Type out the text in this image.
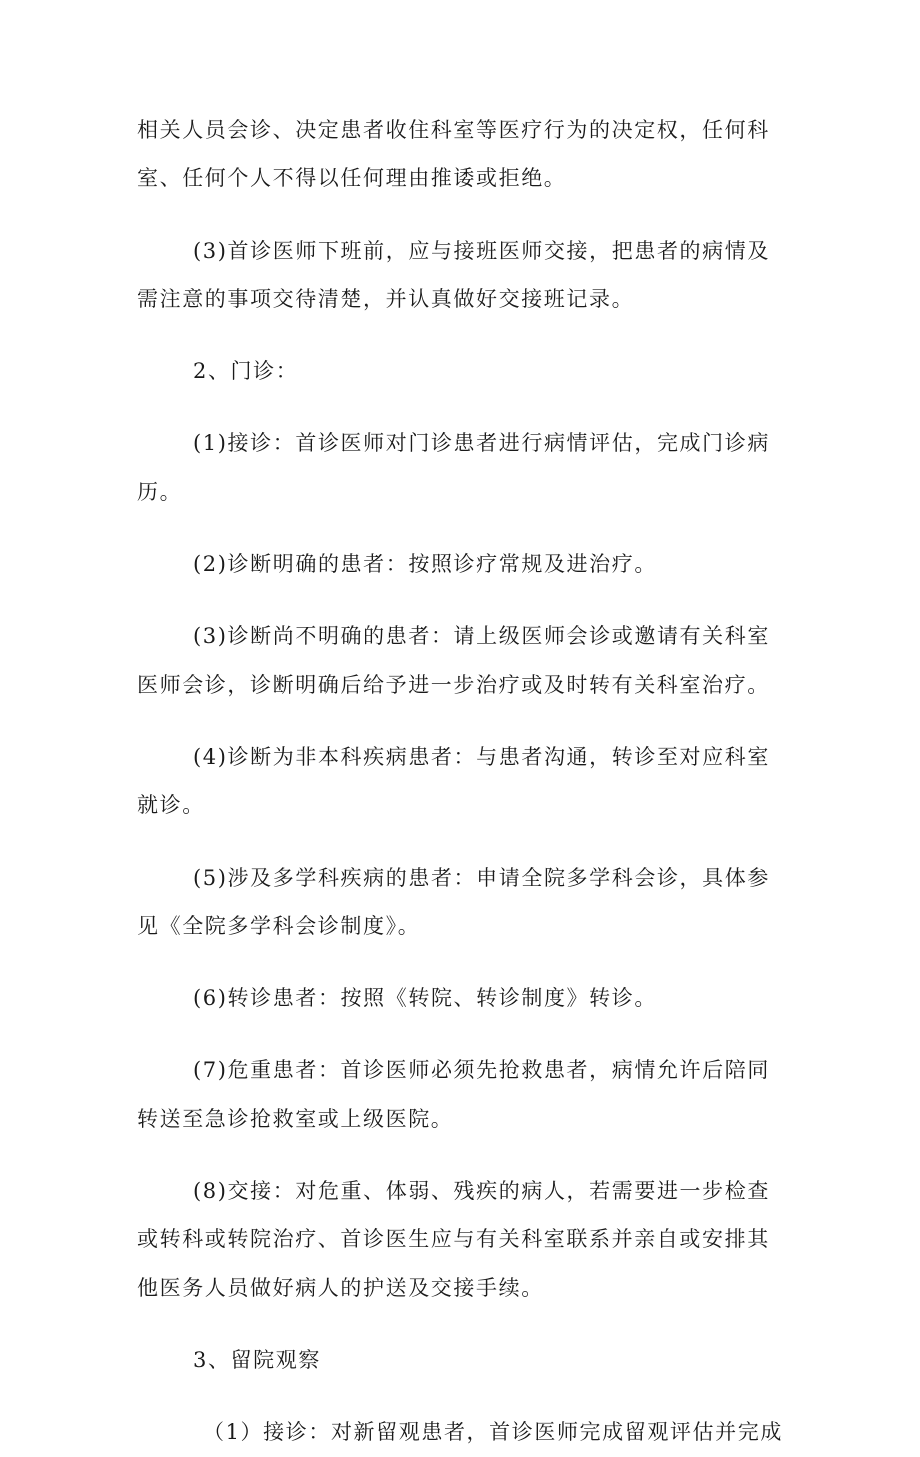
相关人员会诊、决定患者收住科室等医疗行为的决定权，任何科
室、任何个人不得以任何理由推诿或拒绝。
(3)首诊医师下班前，应与接班医师交接，把患者的病情及
需注意的事项交待清楚，并认真做好交接班记录。
2、门诊：
(1)接诊：首诊医师对门诊患者进行病情评估，完成门诊病
历。
(2)诊断明确的患者：按照诊疗常规及进治疗。
(3)诊断尚不明确的患者：请上级医师会诊或邀请有关科室
医师会诊，诊断明确后给予进一步治疗或及时转有关科室治疗。
(4)诊断为非本科疾病患者：与患者沟通，转诊至对应科室
就诊。
(5)涉及多学科疾病的患者：申请全院多学科会诊，具体参
见《全院多学科会诊制度》。
(6)转诊患者：按照《转院、转诊制度》转诊。
(7)危重患者：首诊医师必须先抢救患者，病情允许后陪同
转送至急诊抢救室或上级医院。
(8)交接：对危重、体弱、残疾的病人，若需要进一步检查
或转科或转院治疗、首诊医生应与有关科室联系并亲自或安排其
他医务人员做好病人的护送及交接手续。
3、留院观察
（1）接诊：对新留观患者，首诊医师完成留观评估并完成
